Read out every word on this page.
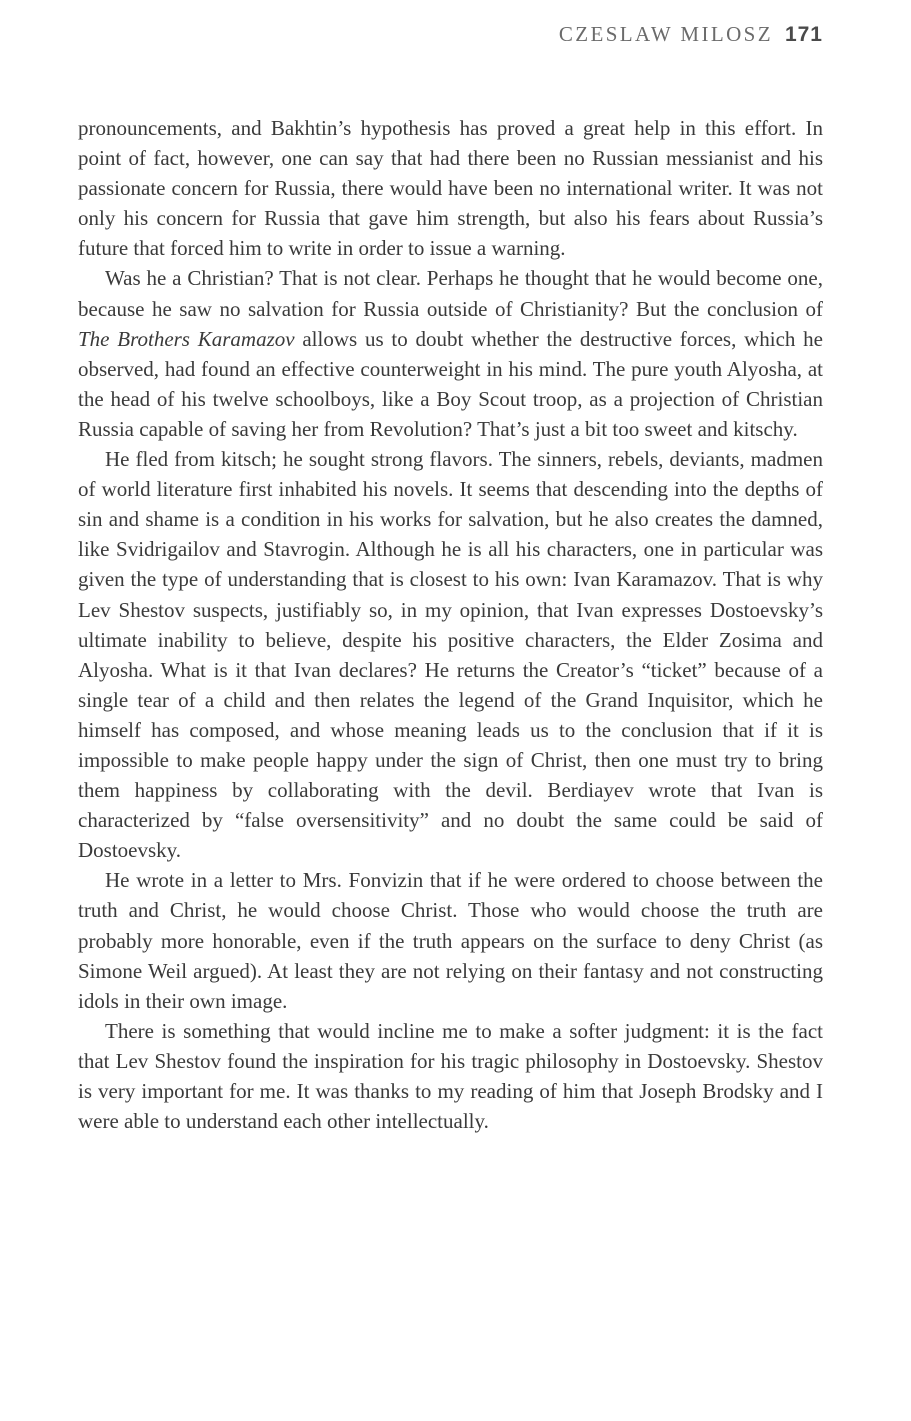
CZESLAW MILOSZ 171

pronouncements, and Bakhtin’s hypothesis has proved a great help in this effort. In point of fact, however, one can say that had there been no Russian messianist and his passionate concern for Russia, there would have been no international writer. It was not only his concern for Russia that gave him strength, but also his fears about Russia’s future that forced him to write in order to issue a warning.

Was he a Christian? That is not clear. Perhaps he thought that he would become one, because he saw no salvation for Russia outside of Christianity? But the conclusion of The Brothers Karamazov allows us to doubt whether the destructive forces, which he observed, had found an effective counterweight in his mind. The pure youth Alyosha, at the head of his twelve schoolboys, like a Boy Scout troop, as a projection of Christian Russia capable of saving her from Revolution? That’s just a bit too sweet and kitschy.

He fled from kitsch; he sought strong flavors. The sinners, rebels, deviants, madmen of world literature first inhabited his novels. It seems that descending into the depths of sin and shame is a condition in his works for salvation, but he also creates the damned, like Svidrigailov and Stavrogin. Although he is all his characters, one in particular was given the type of understanding that is closest to his own: Ivan Karamazov. That is why Lev Shestov suspects, justifiably so, in my opinion, that Ivan expresses Dostoevsky’s ultimate inability to believe, despite his positive characters, the Elder Zosima and Alyosha. What is it that Ivan declares? He returns the Creator’s “ticket” because of a single tear of a child and then relates the legend of the Grand Inquisitor, which he himself has composed, and whose meaning leads us to the conclusion that if it is impossible to make people happy under the sign of Christ, then one must try to bring them happiness by collaborating with the devil. Berdiayev wrote that Ivan is characterized by “false oversensitivity” and no doubt the same could be said of Dostoevsky.

He wrote in a letter to Mrs. Fonvizin that if he were ordered to choose between the truth and Christ, he would choose Christ. Those who would choose the truth are probably more honorable, even if the truth appears on the surface to deny Christ (as Simone Weil argued). At least they are not relying on their fantasy and not constructing idols in their own image.

There is something that would incline me to make a softer judgment: it is the fact that Lev Shestov found the inspiration for his tragic philosophy in Dostoevsky. Shestov is very important for me. It was thanks to my reading of him that Joseph Brodsky and I were able to understand each other intellectually.
